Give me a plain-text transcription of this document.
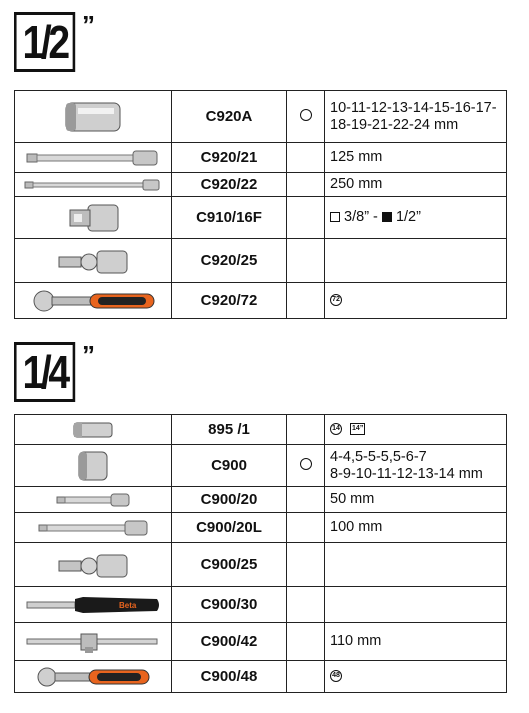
1/2 ”
	C920A		10-11-12-13-14-15-16-17-
18-19-21-22-24 mm

	C920/21		125 mm

	C920/22		250 mm

	C910/16F		3/8” -  1/2”

	C920/25		

	C920/72		72
1/4 ”
	895 /1		14 14”

	C900		4-4,5-5-5,5-6-7
8-9-10-11-12-13-14 mm

	C900/20		50 mm

	C900/20L		100 mm

	C900/25		

Beta	C900/30		

	C900/42		110 mm

	C900/48		48
